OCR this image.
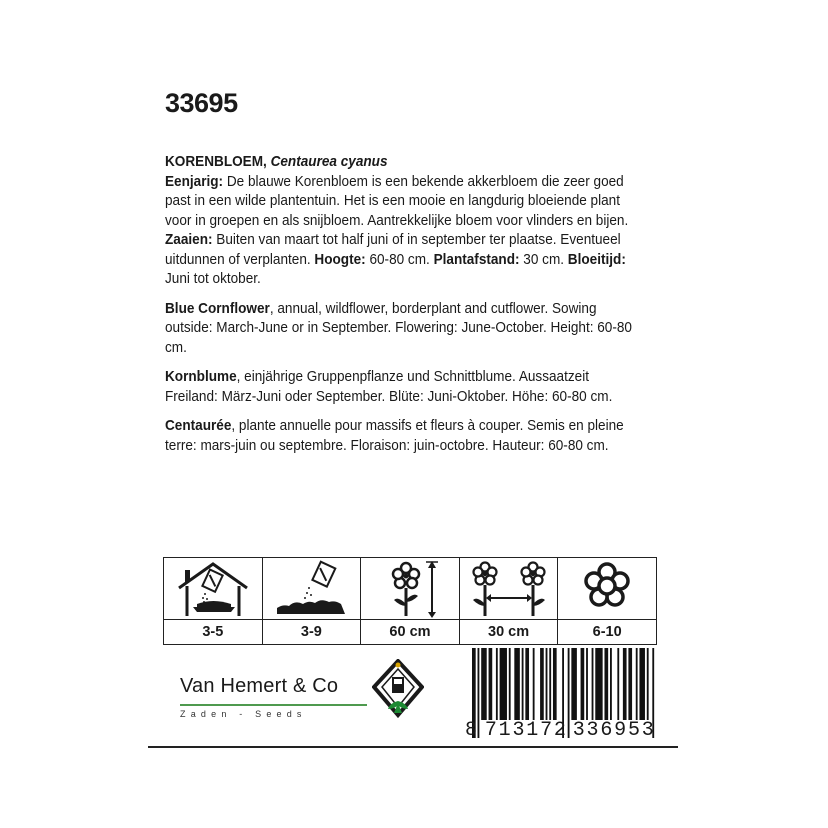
33695

KORENBLOEM, Centaurea cyanus
Eenjarig: De blauwe Korenbloem is een bekende akkerbloem die zeer goed past in een wilde plantentuin. Het is een mooie en langdurig bloeiende plant voor in groepen en als snijbloem. Aantrekkelijke bloem voor vlinders en bijen. Zaaien: Buiten van maart tot half juni of in september ter plaatse. Eventueel uitdunnen of verplanten. Hoogte: 60-80 cm. Plantafstand: 30 cm. Bloeitijd: Juni tot oktober.

Blue Cornflower, annual, wildflower, borderplant and cutflower. Sowing outside: March-June or in September. Flowering: June-October. Height: 60-80 cm.

Kornblume, einjährige Gruppenpflanze und Schnittblume. Aussaatzeit Freiland: März-Juni oder September. Blüte: Juni-Oktober. Höhe: 60-80 cm.

Centaurée, plante annuelle pour massifs et fleurs à couper. Semis en pleine terre: mars-juin ou septembre. Floraison: juin-octobre. Hauteur: 60-80 cm.

3-5	3-9	60 cm	30 cm	6-10
Van Hemert & Co
Zaden - Seeds
8 7 1 3 1 7 2 3 3 6 9 5 3
